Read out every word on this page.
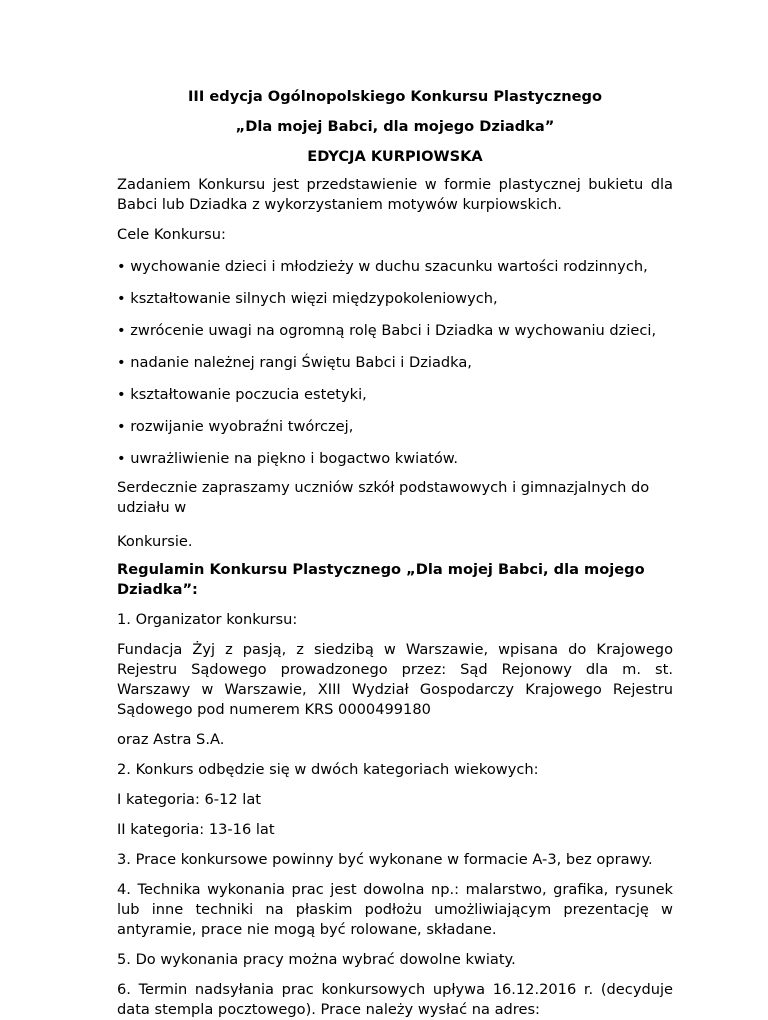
III edycja Ogólnopolskiego Konkursu Plastycznego

„Dla mojej Babci, dla mojego Dziadka”

EDYCJA KURPIOWSKA

Zadaniem Konkursu jest przedstawienie w formie plastycznej bukietu dla Babci lub Dziadka z wykorzystaniem motywów kurpiowskich.

Cele Konkursu:

• wychowanie dzieci i młodzieży w duchu szacunku wartości rodzinnych,

• kształtowanie silnych więzi międzypokoleniowych,

• zwrócenie uwagi na ogromną rolę Babci i Dziadka w wychowaniu dzieci,

• nadanie należnej rangi Świętu Babci i Dziadka,

• kształtowanie poczucia estetyki,

• rozwijanie wyobraźni twórczej,

• uwrażliwienie na piękno i bogactwo kwiatów.

Serdecznie zapraszamy uczniów szkół podstawowych i gimnazjalnych do udziału w

Konkursie.

Regulamin Konkursu Plastycznego „Dla mojej Babci, dla mojego Dziadka”:

1. Organizator konkursu:

Fundacja Żyj z pasją, z siedzibą w Warszawie, wpisana do Krajowego Rejestru Sądowego prowadzonego przez: Sąd Rejonowy dla m. st. Warszawy w Warszawie, XIII Wydział Gospodarczy Krajowego Rejestru Sądowego pod numerem KRS 0000499180

oraz Astra S.A.

2. Konkurs odbędzie się w dwóch kategoriach wiekowych:

I kategoria: 6-12 lat

II kategoria: 13-16 lat

3. Prace konkursowe powinny być wykonane w formacie A-3, bez oprawy.

4. Technika wykonania prac jest dowolna np.: malarstwo, grafika, rysunek lub inne techniki na płaskim podłożu umożliwiającym prezentację w antyramie, prace nie mogą być rolowane, składane.

5. Do wykonania pracy można wybrać dowolne kwiaty.

6. Termin nadsyłania prac konkursowych upływa 16.12.2016 r. (decyduje data stempla pocztowego). Prace należy wysłać na adres:
